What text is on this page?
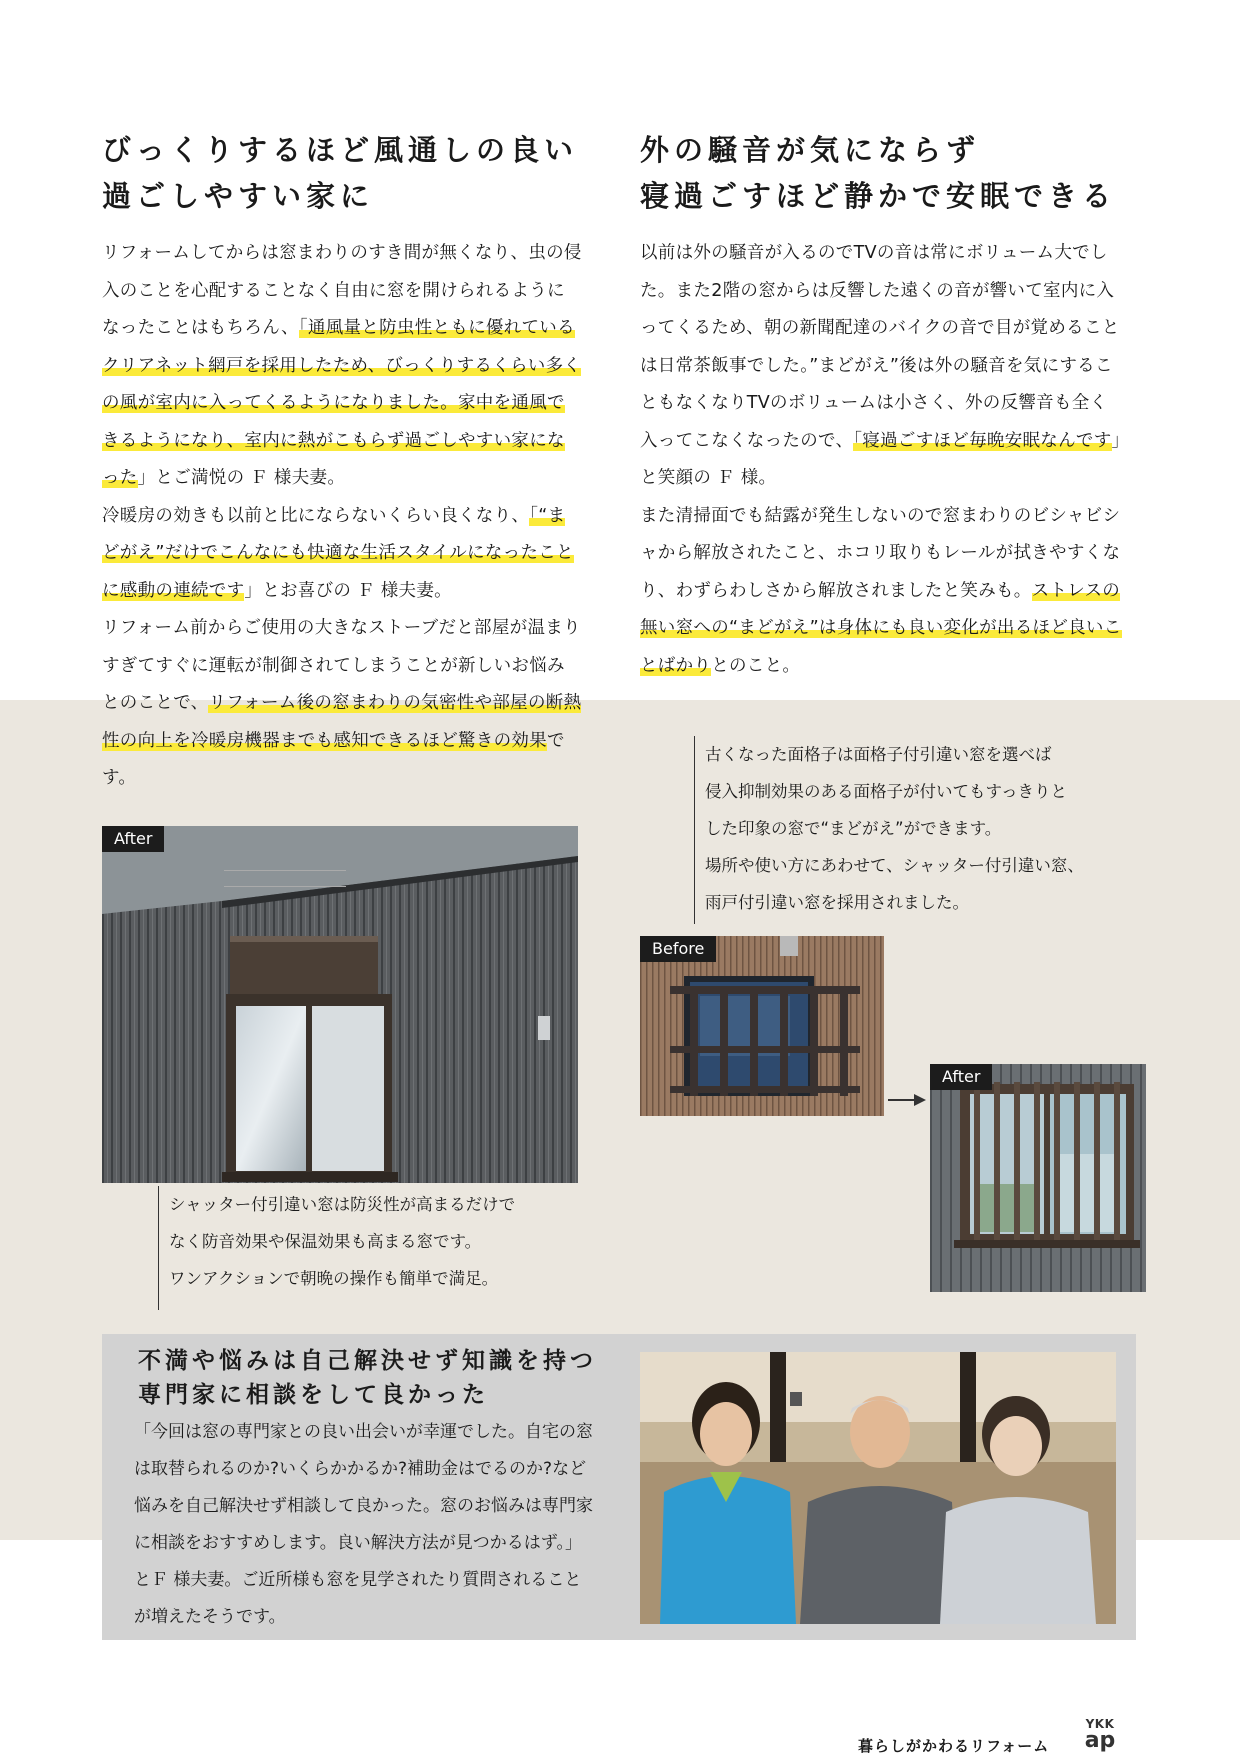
びっくりするほど風通しの良い
過ごしやすい家に

リフォームしてからは窓まわりのすき間が無くなり、虫の侵入のことを心配することなく自由に窓を開けられるようになったことはもちろん、「通風量と防虫性ともに優れているクリアネット網戸を採用したため、びっくりするくらい多くの風が室内に入ってくるようになりました。家中を通風できるようになり、室内に熱がこもらず過ごしやすい家になった」とご満悦の Ｆ 様夫妻。

冷暖房の効きも以前と比にならないくらい良くなり、「“まどがえ”だけでこんなにも快適な生活スタイルになったことに感動の連続です」とお喜びの Ｆ 様夫妻。

リフォーム前からご使用の大きなストーブだと部屋が温まりすぎてすぐに運転が制御されてしまうことが新しいお悩みとのことで、リフォーム後の窓まわりの気密性や部屋の断熱性の向上を冷暖房機器までも感知できるほど驚きの効果です。

外の騒音が気にならず
寝過ごすほど静かで安眠できる

以前は外の騒音が入るのでTVの音は常にボリューム大でした。また2階の窓からは反響した遠くの音が響いて室内に入ってくるため、朝の新聞配達のバイクの音で目が覚めることは日常茶飯事でした。”まどがえ”後は外の騒音を気にすることもなくなりTVのボリュームは小さく、外の反響音も全く入ってこなくなったので、「寝過ごすほど毎晩安眠なんです」と笑顔の Ｆ 様。

また清掃面でも結露が発生しないので窓まわりのビシャビシャから解放されたこと、ホコリ取りもレールが拭きやすくなり、わずらわしさから解放されましたと笑みも。ストレスの無い窓への“まどがえ”は身体にも良い変化が出るほど良いことばかりとのこと。

After
シャッター付引違い窓は防災性が高まるだけで
なく防音効果や保温効果も高まる窓です。
ワンアクションで朝晩の操作も簡単で満足。
古くなった面格子は面格子付引違い窓を選べば
侵入抑制効果のある面格子が付いてもすっきりと
した印象の窓で“まどがえ”ができます。
場所や使い方にあわせて、シャッター付引違い窓、
雨戸付引違い窓を採用されました。
Before
After
不満や悩みは自己解決せず知識を持つ
専門家に相談をして良かった

「今回は窓の専門家との良い出会いが幸運でした。自宅の窓は取替られるのか?いくらかかるか?補助金はでるのか?など悩みを自己解決せず相談して良かった。窓のお悩みは専門家に相談をおすすめします。良い解決方法が見つかるはず。」とＦ 様夫妻。ご近所様も窓を見学されたり質問されることが増えたそうです。

暮らしがかわるリフォーム
YKK
ap
